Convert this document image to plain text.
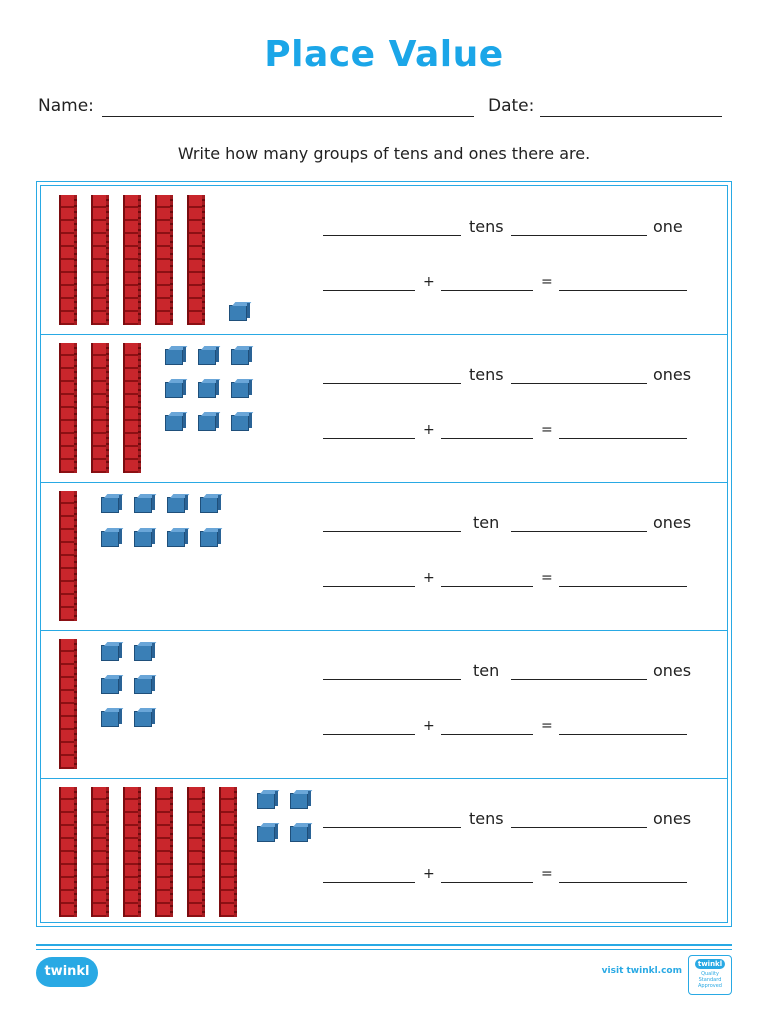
Place Value
Name:	Date:
Write how many groups of tens and ones there are.
tens	one
+	=
tens	ones
+	=
ten	ones
+	=
ten	ones
+	=
tens	ones
+	=
twinkl	visit twinkl.com
twinkl
Quality Standard Approved
